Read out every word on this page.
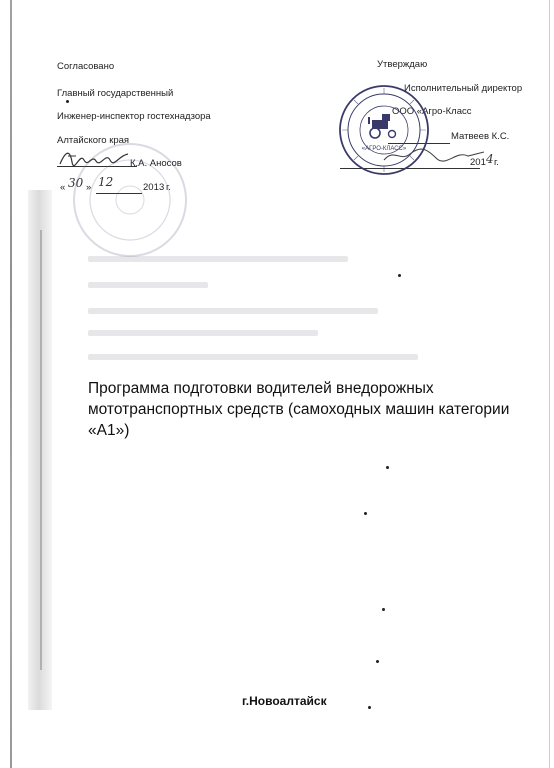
Согласовано
Главный государственный
Инженер-инспектор гостехнадзора
Алтайского края
К.А. Аносов
« 30 » 12	201 3 г.
Утверждаю
Исполнительный директор
ООО «Агро-Класс
Матвеев К.С.
201 4 г.
«АГРО-КЛАСС»
Программа подготовки водителей внедорожных мототранспортных средств (самоходных машин категории «А1»)
г.Новоалтайск
